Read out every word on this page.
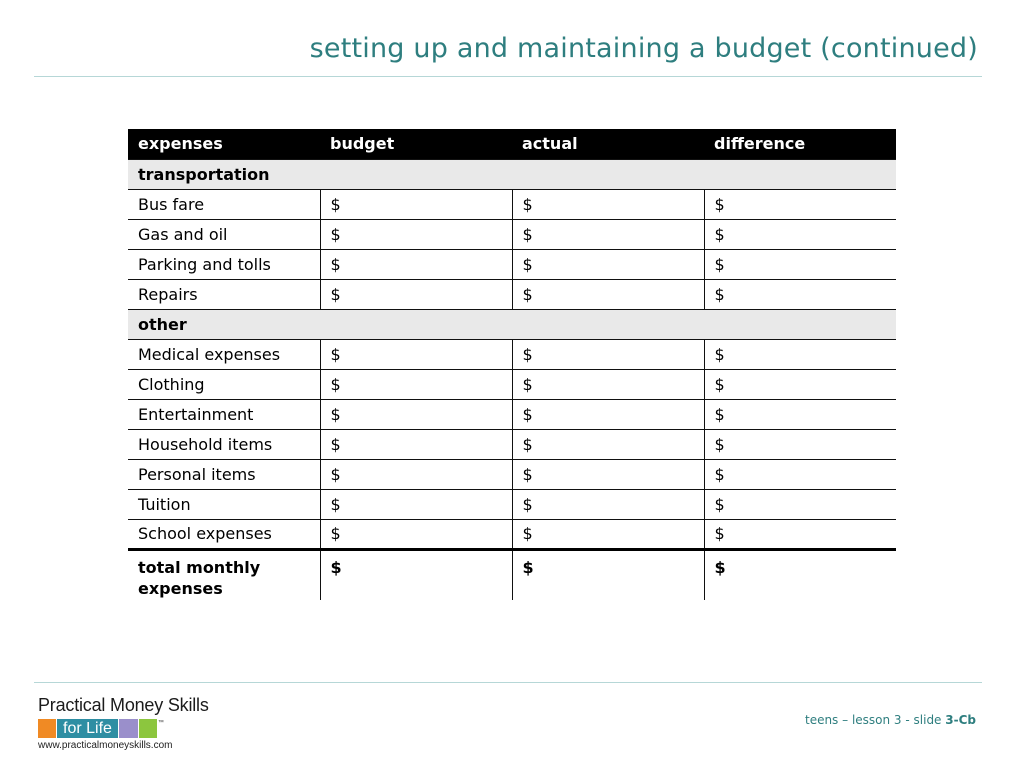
setting up and maintaining a budget (continued)
expenses	budget	actual	difference
transportation			
Bus fare	$	$	$
Gas and oil	$	$	$
Parking and tolls	$	$	$
Repairs	$	$	$
other			
Medical expenses	$	$	$
Clothing	$	$	$
Entertainment	$	$	$
Household items	$	$	$
Personal items	$	$	$
Tuition	$	$	$
School expenses	$	$	$
total monthly expenses	$	$	$
Practical Money Skills
for Life	™
www.practicalmoneyskills.com
teens – lesson 3 - slide 3-Cb
